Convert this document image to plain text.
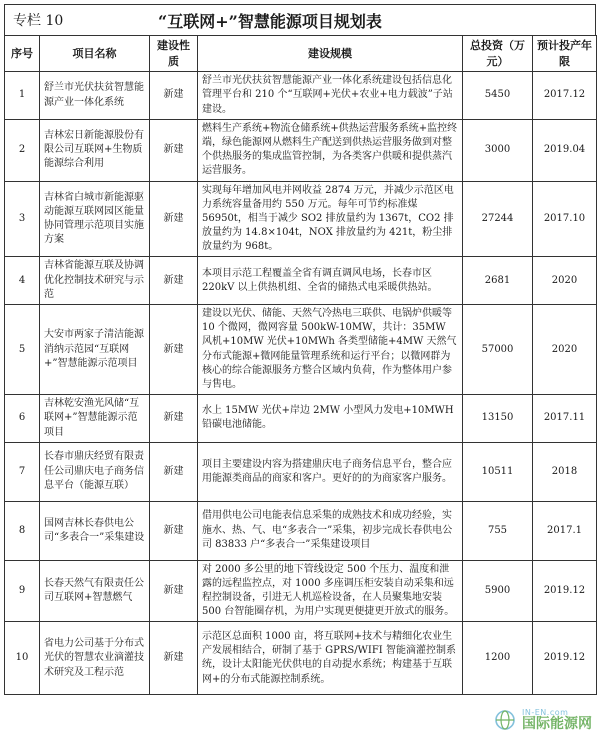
专栏 10	“互联网+”智慧能源项目规划表
序号	项目名称	建设性质	建设规模	总投资（万元）	预计投产年限
1	舒兰市光伏扶贫智慧能源产业一体化系统	新建	舒兰市光伏扶贫智慧能源产业一体化系统建设包括信息化管理平台和 210 个“互联网+光伏+农业+电力载波”子站建设。	5450	2017.12
2	吉林宏日新能源股份有限公司互联网+生物质能源综合利用	新建	燃料生产系统+物流仓储系统+供热运营服务系统+监控终端，绿色能源网从燃料生产配送到供热运营服务做到对整个供热服务的集成监管控制，为各类客户供暖和提供蒸汽运营服务。	3000	2019.04
3	吉林省白城市新能源驱动能源互联网园区能量协同管理示范项目实施方案	新建	实现每年增加风电并网收益 2874 万元，并减少示范区电力系统容量备用约 550 万元。每年可节约标准煤 56950t，相当于减少 SO2 排放量约为 1367t，CO2 排放量约为 14.8×104t，NOX 排放量约为 421t，粉尘排放量约为 968t。	27244	2017.10
4	吉林省能源互联及协调优化控制技术研究与示范	新建	本项目示范工程覆盖全省有调直调风电场，长春市区 220kV 以上供热机组、全省的储热式电采暖供热站。	2681	2020
5	大安市两家子清洁能源消纳示范园“互联网+”智慧能源示范项目	新建	建设以光伏、储能、天然气冷热电三联供、电锅炉供暖等 10 个微网，微网容量 500kW-10MW，共计：35MW 风机+10MW 光伏+10MWh 各类型储能+4MW 天然气分布式能源+微网能量管理系统和运行平台；以微网群为核心的综合能源服务方整合区域内负荷，作为整体用户参与售电。	57000	2020
6	吉林乾安渔光风储“互联网+”智慧能源示范项目	新建	水上 15MW 光伏+岸边 2MW 小型风力发电+10MWH 铅碳电池储能。	13150	2017.11
7	长春市鼎庆经贸有限责任公司鼎庆电子商务信息平台（能源互联）	新建	项目主要建设内容为搭建鼎庆电子商务信息平台，整合应用能源类商品的商家和客户。更好的的为商家客户服务。	10511	2018
8	国网吉林长春供电公司“多表合一”采集建设	新建	借用供电公司电能表信息采集的成熟技术和成功经验，实施水、热、气、电“多表合一”采集，初步完成长春供电公司 83833 户“多表合一”采集建设项目	755	2017.1
9	长春天然气有限责任公司互联网+智慧燃气	新建	对 2000 多公里的地下管线设定 500 个压力、温度和泄露的远程监控点，对 1000 多座调压柜安装自动采集和远程控制设备，引进无人机巡检设备，在人员聚集地安装 500 台智能圈存机，为用户实现更便捷更开放式的服务。	5900	2019.12
10	省电力公司基于分布式光伏的智慧农业滴灌技术研究及工程示范	新建	示范区总面积 1000 亩，将互联网+技术与精细化农业生产发展相结合，研制了基于 GPRS/WIFI 智能滴灌控制系统，设计太阳能光伏供电的自动提水系统；构建基于互联网+的分布式能源控制系统。	1200	2019.12
IN-EN.com
国际能源网
